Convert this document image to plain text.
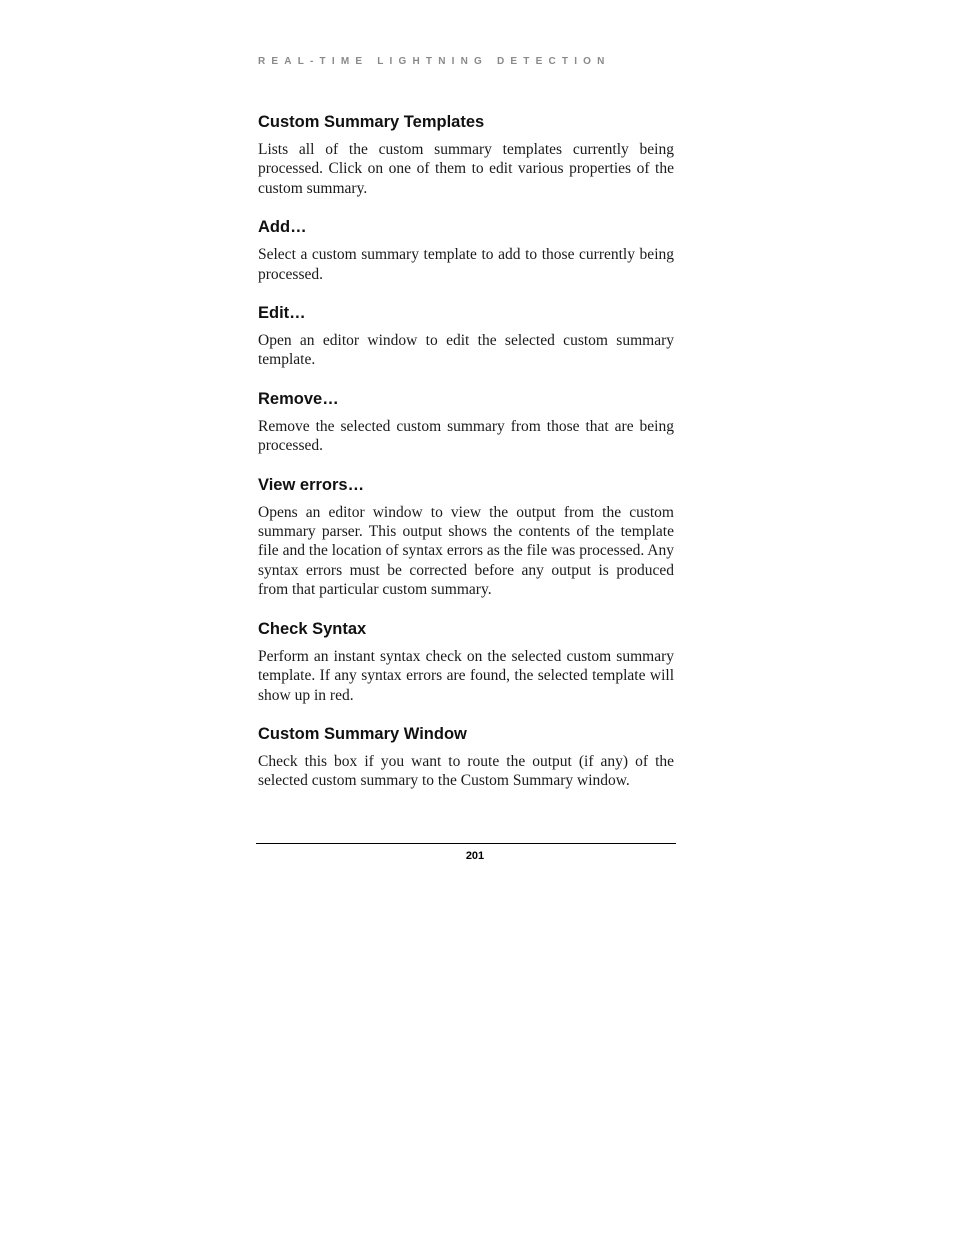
REAL-TIME LIGHTNING DETECTION
Custom Summary Templates

Lists all of the custom summary templates currently being processed. Click on one of them to edit various properties of the custom summary.

Add…

Select a custom summary template to add to those currently being processed.

Edit…

Open an editor window to edit the selected custom summary template.

Remove…

Remove the selected custom summary from those that are being processed.

View errors…

Opens an editor window to view the output from the custom summary parser. This output shows the contents of the template file and the location of syntax errors as the file was processed. Any syntax errors must be corrected before any output is produced from that particular custom summary.

Check Syntax

Perform an instant syntax check on the selected custom summary template. If any syntax errors are found, the selected template will show up in red.

Custom Summary Window

Check this box if you want to route the output (if any) of the selected custom summary to the Custom Summary window.

201
